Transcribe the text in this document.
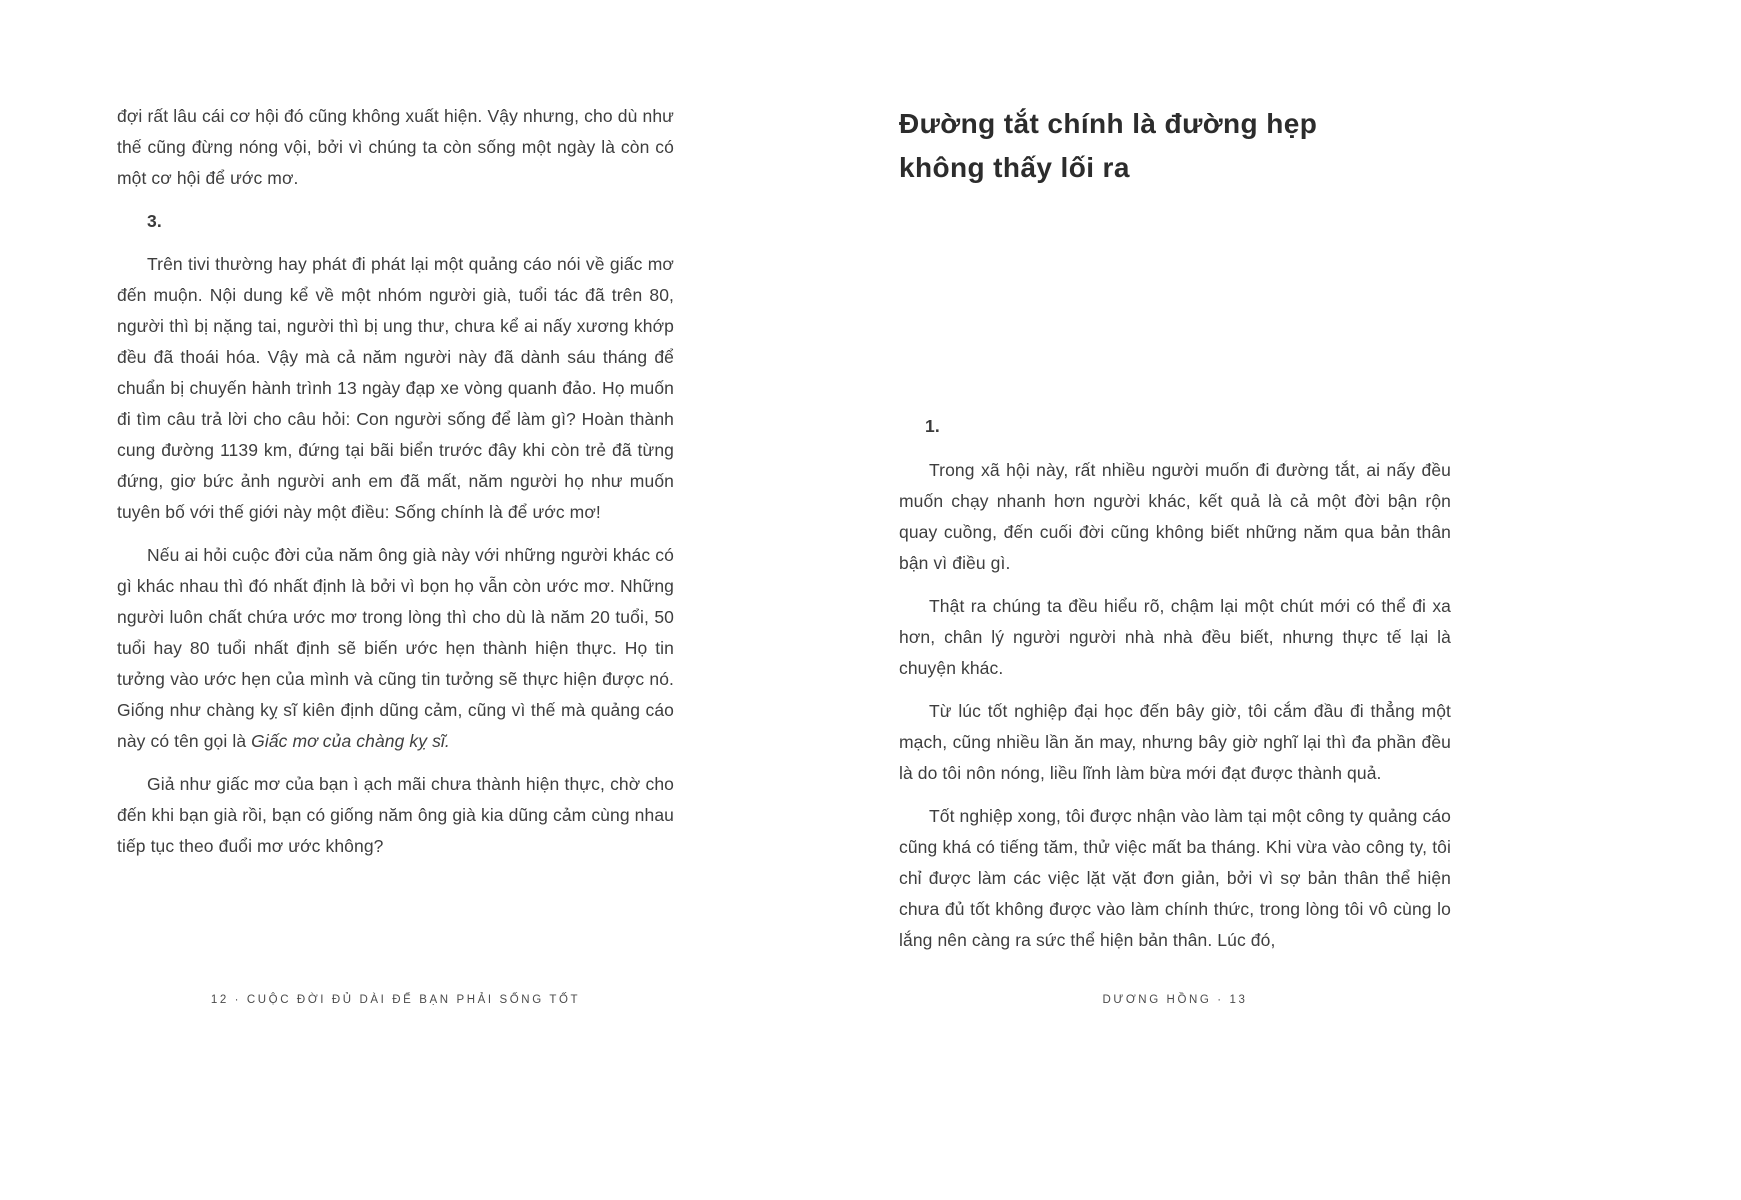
đợi rất lâu cái cơ hội đó cũng không xuất hiện. Vậy nhưng, cho dù như thế cũng đừng nóng vội, bởi vì chúng ta còn sống một ngày là còn có một cơ hội để ước mơ.

3.

Trên tivi thường hay phát đi phát lại một quảng cáo nói về giấc mơ đến muộn. Nội dung kể về một nhóm người già, tuổi tác đã trên 80, người thì bị nặng tai, người thì bị ung thư, chưa kể ai nấy xương khớp đều đã thoái hóa. Vậy mà cả năm người này đã dành sáu tháng để chuẩn bị chuyến hành trình 13 ngày đạp xe vòng quanh đảo. Họ muốn đi tìm câu trả lời cho câu hỏi: Con người sống để làm gì? Hoàn thành cung đường 1139 km, đứng tại bãi biển trước đây khi còn trẻ đã từng đứng, giơ bức ảnh người anh em đã mất, năm người họ như muốn tuyên bố với thế giới này một điều: Sống chính là để ước mơ!

Nếu ai hỏi cuộc đời của năm ông già này với những người khác có gì khác nhau thì đó nhất định là bởi vì bọn họ vẫn còn ước mơ. Những người luôn chất chứa ước mơ trong lòng thì cho dù là năm 20 tuổi, 50 tuổi hay 80 tuổi nhất định sẽ biến ước hẹn thành hiện thực. Họ tin tưởng vào ước hẹn của mình và cũng tin tưởng sẽ thực hiện được nó. Giống như chàng kỵ sĩ kiên định dũng cảm, cũng vì thế mà quảng cáo này có tên gọi là Giấc mơ của chàng kỵ sĩ.

Giả như giấc mơ của bạn ì ạch mãi chưa thành hiện thực, chờ cho đến khi bạn già rồi, bạn có giống năm ông già kia dũng cảm cùng nhau tiếp tục theo đuổi mơ ước không?

12 · CUỘC ĐỜI ĐỦ DÀI ĐỂ BẠN PHẢI SỐNG TỐT
Đường tắt chính là đường hẹp
không thấy lối ra

1.

Trong xã hội này, rất nhiều người muốn đi đường tắt, ai nấy đều muốn chạy nhanh hơn người khác, kết quả là cả một đời bận rộn quay cuồng, đến cuối đời cũng không biết những năm qua bản thân bận vì điều gì.

Thật ra chúng ta đều hiểu rõ, chậm lại một chút mới có thể đi xa hơn, chân lý người người nhà nhà đều biết, nhưng thực tế lại là chuyện khác.

Từ lúc tốt nghiệp đại học đến bây giờ, tôi cắm đầu đi thẳng một mạch, cũng nhiều lần ăn may, nhưng bây giờ nghĩ lại thì đa phần đều là do tôi nôn nóng, liều lĩnh làm bừa mới đạt được thành quả.

Tốt nghiệp xong, tôi được nhận vào làm tại một công ty quảng cáo cũng khá có tiếng tăm, thử việc mất ba tháng. Khi vừa vào công ty, tôi chỉ được làm các việc lặt vặt đơn giản, bởi vì sợ bản thân thể hiện chưa đủ tốt không được vào làm chính thức, trong lòng tôi vô cùng lo lắng nên càng ra sức thể hiện bản thân. Lúc đó,

DƯƠNG HỒNG · 13
